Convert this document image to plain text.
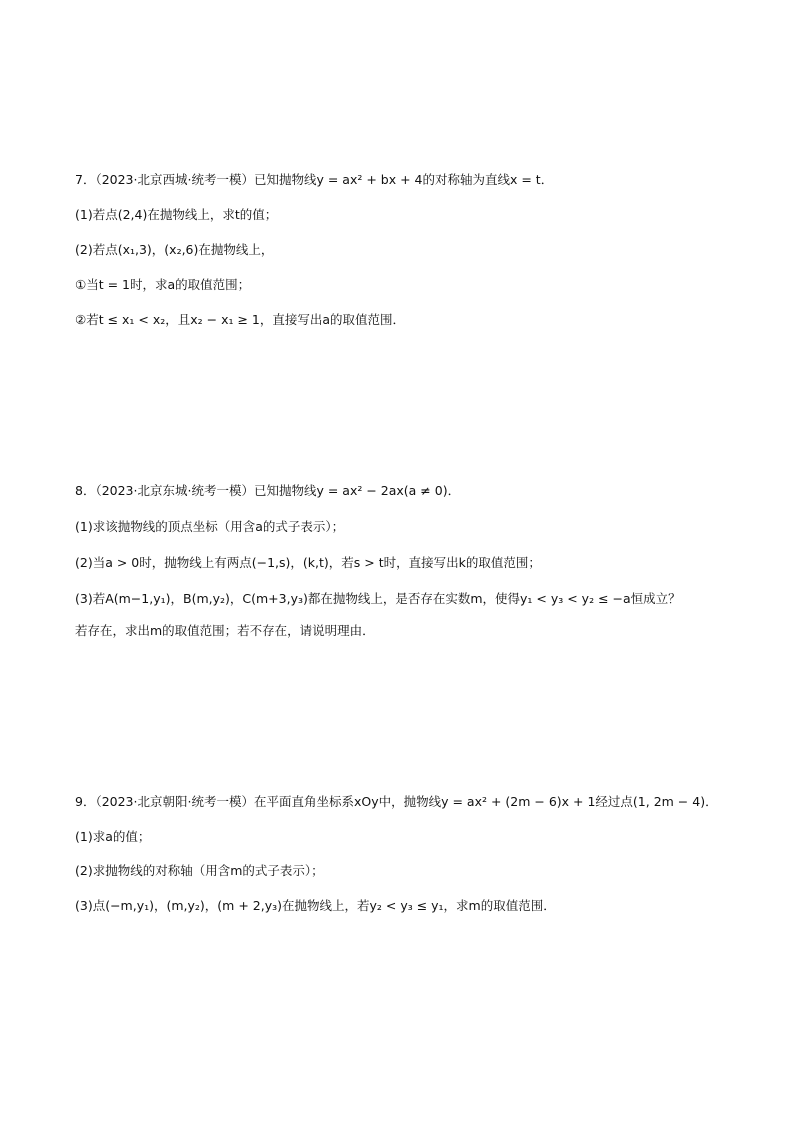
7．（2023·北京西城·统考一模）已知抛物线y = ax² + bx + 4的对称轴为直线x = t．

(1)若点(2,4)在抛物线上，求t的值；

(2)若点(x₁,3)，(x₂,6)在抛物线上，

①当t = 1时，求a的取值范围；

②若t ≤ x₁ < x₂，且x₂ − x₁ ≥ 1，直接写出a的取值范围．

8．（2023·北京东城·统考一模）已知抛物线y = ax² − 2ax(a ≠ 0)．

(1)求该抛物线的顶点坐标（用含a的式子表示）；

(2)当a > 0时，抛物线上有两点(−1,s)，(k,t)，若s > t时，直接写出k的取值范围；

(3)若A(m−1,y₁)，B(m,y₂)，C(m+3,y₃)都在抛物线上，是否存在实数m，使得y₁ < y₃ < y₂ ≤ −a恒成立？

若存在，求出m的取值范围；若不存在，请说明理由．

9．（2023·北京朝阳·统考一模）在平面直角坐标系xOy中，抛物线y = ax² + (2m − 6)x + 1经过点(1, 2m − 4)．

(1)求a的值；

(2)求抛物线的对称轴（用含m的式子表示）；

(3)点(−m,y₁)，(m,y₂)，(m + 2,y₃)在抛物线上，若y₂ < y₃ ≤ y₁，求m的取值范围．
